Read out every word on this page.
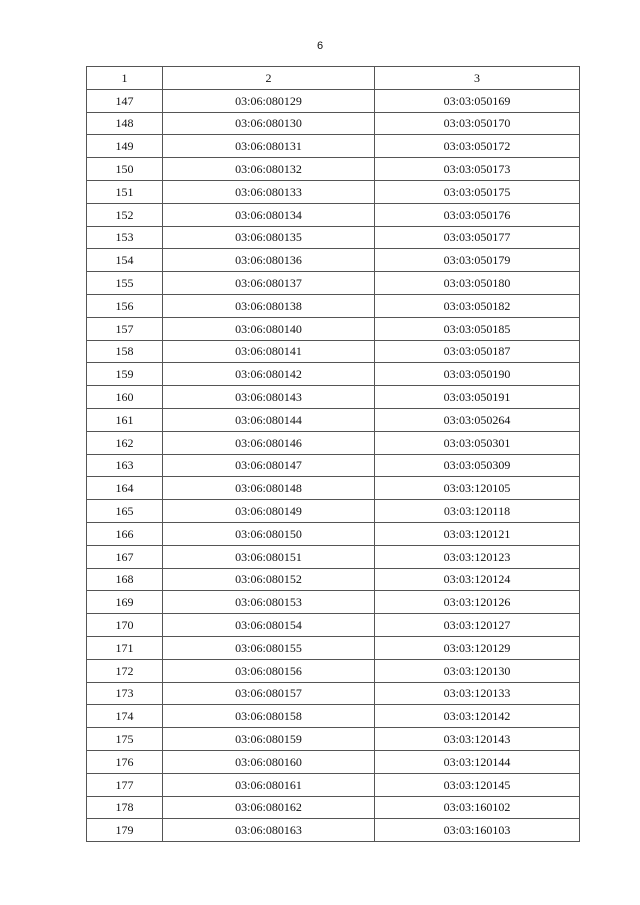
6
1	2	3
147	03:06:080129	03:03:050169
148	03:06:080130	03:03:050170
149	03:06:080131	03:03:050172
150	03:06:080132	03:03:050173
151	03:06:080133	03:03:050175
152	03:06:080134	03:03:050176
153	03:06:080135	03:03:050177
154	03:06:080136	03:03:050179
155	03:06:080137	03:03:050180
156	03:06:080138	03:03:050182
157	03:06:080140	03:03:050185
158	03:06:080141	03:03:050187
159	03:06:080142	03:03:050190
160	03:06:080143	03:03:050191
161	03:06:080144	03:03:050264
162	03:06:080146	03:03:050301
163	03:06:080147	03:03:050309
164	03:06:080148	03:03:120105
165	03:06:080149	03:03:120118
166	03:06:080150	03:03:120121
167	03:06:080151	03:03:120123
168	03:06:080152	03:03:120124
169	03:06:080153	03:03:120126
170	03:06:080154	03:03:120127
171	03:06:080155	03:03:120129
172	03:06:080156	03:03:120130
173	03:06:080157	03:03:120133
174	03:06:080158	03:03:120142
175	03:06:080159	03:03:120143
176	03:06:080160	03:03:120144
177	03:06:080161	03:03:120145
178	03:06:080162	03:03:160102
179	03:06:080163	03:03:160103
